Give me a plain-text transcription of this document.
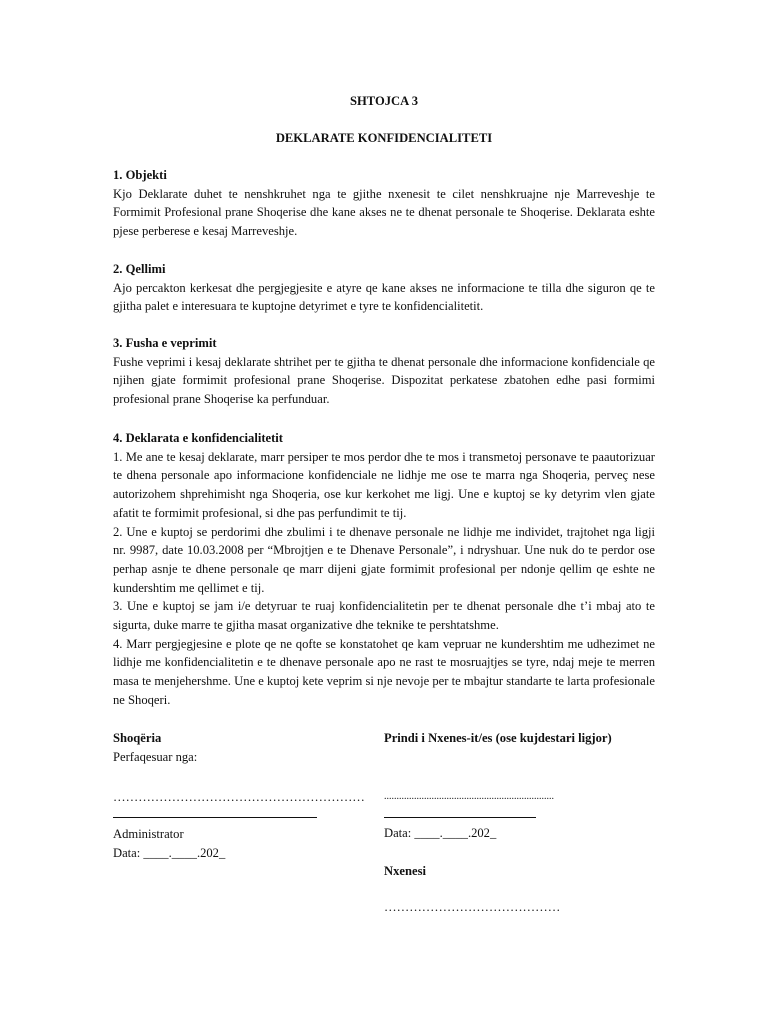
SHTOJCA 3

DEKLARATE KONFIDENCIALITETI

1. Objekti

Kjo Deklarate duhet te nenshkruhet nga te gjithe nxenesit te cilet nenshkruajne nje Marreveshje te Formimit Profesional prane Shoqerise dhe kane akses ne te dhenat personale te Shoqerise. Deklarata eshte pjese perberese e kesaj Marreveshje.

2. Qellimi

Ajo percakton kerkesat dhe pergjegjesite e atyre qe kane akses ne informacione te tilla dhe siguron qe te gjitha palet e interesuara te kuptojne detyrimet e tyre te konfidencialitetit.

3. Fusha e veprimit

Fushe veprimi i kesaj deklarate shtrihet per te gjitha te dhenat personale dhe informacione konfidenciale qe njihen gjate formimit profesional prane Shoqerise. Dispozitat perkatese zbatohen edhe pasi formimi profesional prane Shoqerise ka perfunduar.

4. Deklarata e konfidencialitetit

1. Me ane te kesaj deklarate, marr persiper te mos perdor dhe te mos i transmetoj personave te paautorizuar te dhena personale apo informacione konfidenciale ne lidhje me ose te marra nga Shoqeria, perveç nese autorizohem shprehimisht nga Shoqeria, ose kur kerkohet me ligj. Une e kuptoj se ky detyrim vlen gjate afatit te formimit profesional, si dhe pas perfundimit te tij.

2. Une e kuptoj se perdorimi dhe zbulimi i te dhenave personale ne lidhje me individet, trajtohet nga ligji nr. 9987, date 10.03.2008 per “Mbrojtjen e te Dhenave Personale”, i ndryshuar. Une nuk do te perdor ose perhap asnje te dhene personale qe marr dijeni gjate formimit profesional per ndonje qellim qe eshte ne kundershtim me qellimet e tij.

3. Une e kuptoj se jam i/e detyruar te ruaj konfidencialitetin per te dhenat personale dhe t’i mbaj ato te sigurta, duke marre te gjitha masat organizative dhe teknike te pershtatshme.

4. Marr pergjegjesine e plote qe ne qofte se konstatohet qe kam vepruar ne kundershtim me udhezimet ne lidhje me konfidencialitetin e te dhenave personale apo ne rast te mosruajtjes se tyre, ndaj meje te merren masa te menjehershme. Une e kuptoj kete veprim si nje nevoje per te mbajtur standarte te larta profesionale ne Shoqeri.

Shoqëria

Perfaqesuar nga:

……………………………………………………

Administrator

Data: ____.____.202_

Prindi i Nxenes-it/es (ose kujdestari ligjor)

....................................................................

Data: ____.____.202_

Nxenesi

……………………………………
